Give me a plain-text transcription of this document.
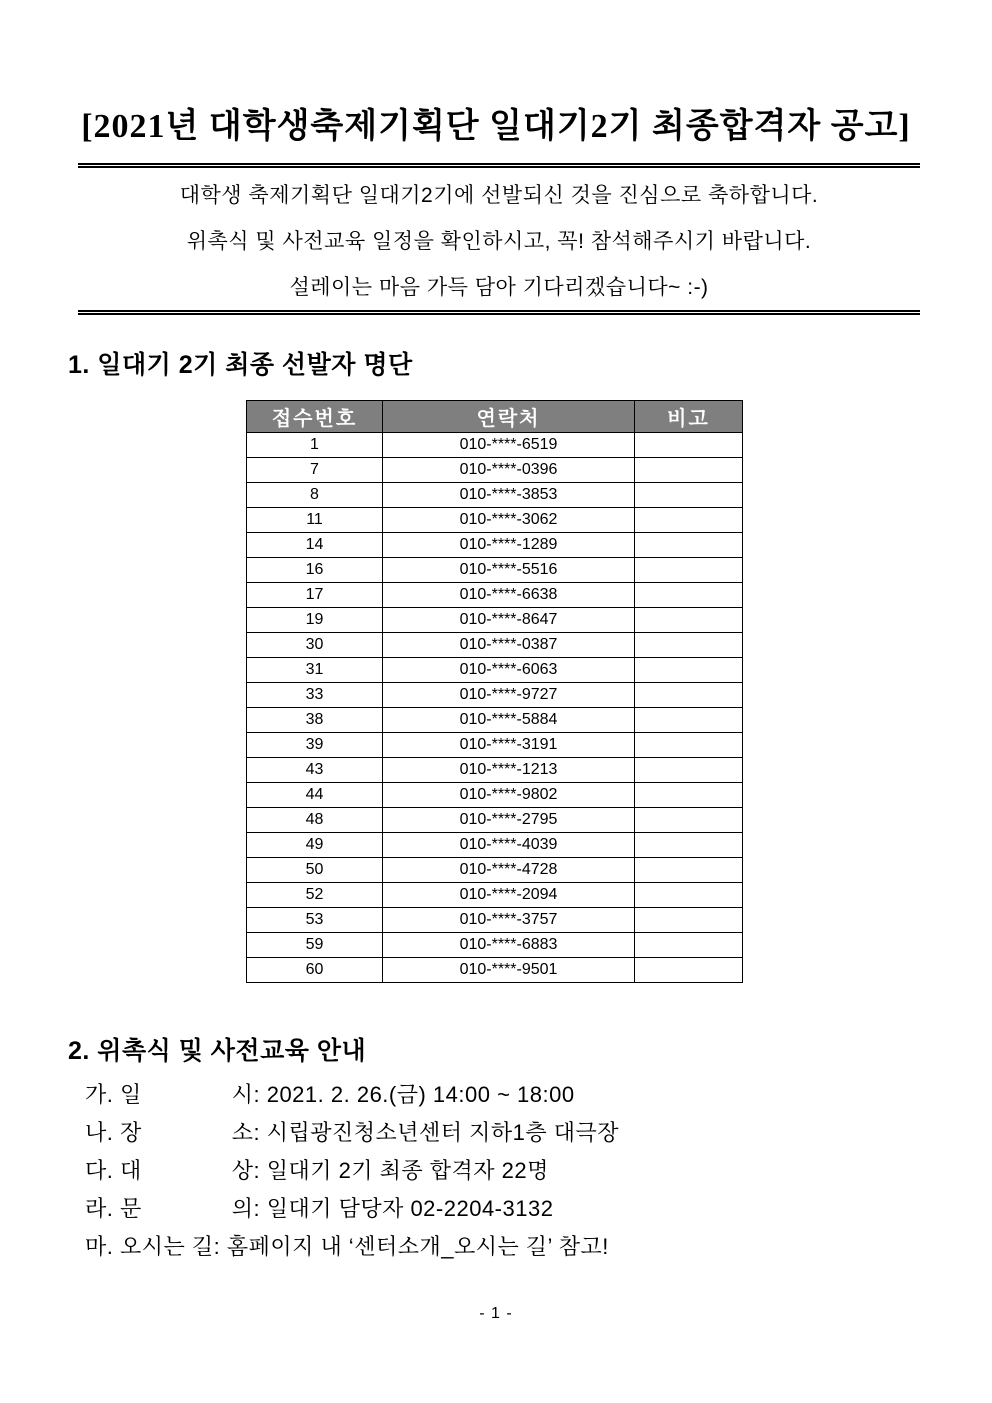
[2021년 대학생축제기획단 일대기2기 최종합격자 공고]

대학생 축제기획단 일대기2기에 선발되신 것을 진심으로 축하합니다.

위촉식 및 사전교육 일정을 확인하시고, 꼭! 참석해주시기 바랍니다.

설레이는 마음 가득 담아 기다리겠습니다~ :-)

1. 일대기 2기 최종 선발자 명단
접수번호	연락처	비고
1	010-****-6519	
7	010-****-0396	
8	010-****-3853	
11	010-****-3062	
14	010-****-1289	
16	010-****-5516	
17	010-****-6638	
19	010-****-8647	
30	010-****-0387	
31	010-****-6063	
33	010-****-9727	
38	010-****-5884	
39	010-****-3191	
43	010-****-1213	
44	010-****-9802	
48	010-****-2795	
49	010-****-4039	
50	010-****-4728	
52	010-****-2094	
53	010-****-3757	
59	010-****-6883	
60	010-****-9501	
2. 위촉식 및 사전교육 안내
가. 일    시: 2021. 2. 26.(금) 14:00 ~ 18:00
나. 장    소: 시립광진청소년센터 지하1층 대극장
다. 대    상: 일대기 2기 최종 합격자 22명
라. 문    의: 일대기 담당자 02-2204-3132
마. 오시는 길: 홈페이지 내 ‘센터소개_오시는 길’ 참고!
- 1 -
